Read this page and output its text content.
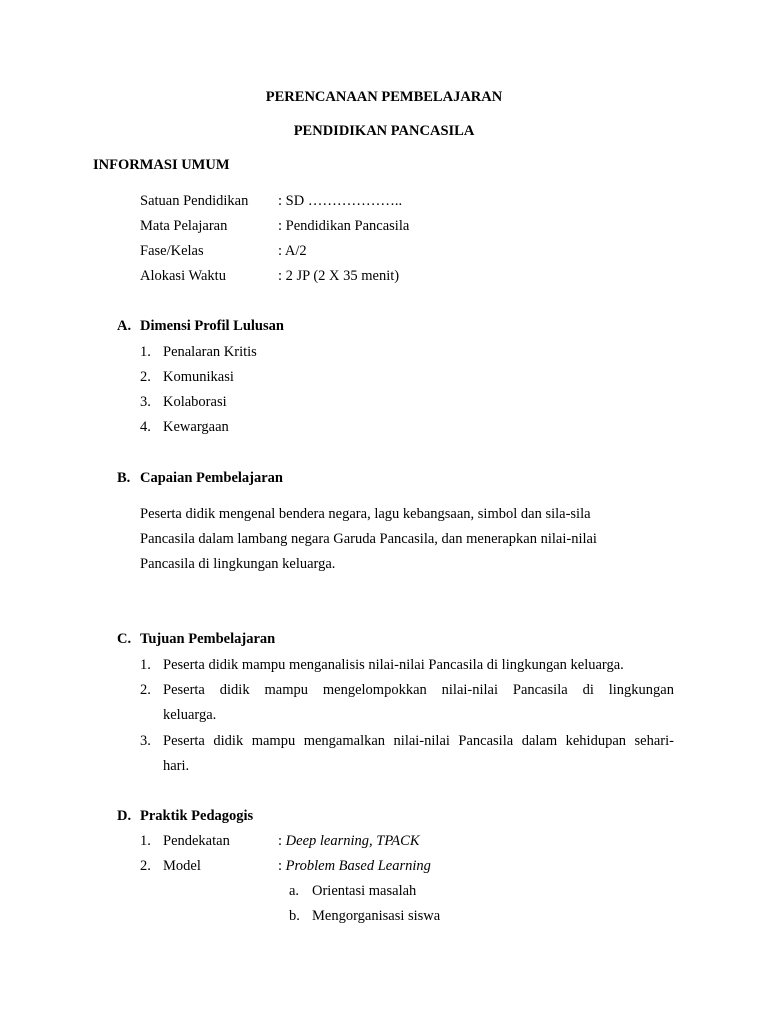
PERENCANAAN PEMBELAJARAN
PENDIDIKAN PANCASILA
INFORMASI UMUM
Satuan Pendidikan : SD ………………..
Mata Pelajaran	: Pendidikan Pancasila
Fase/Kelas	: A/2
Alokasi Waktu	: 2 JP (2 X 35 menit)
A. Dimensi Profil Lulusan
1. Penalaran Kritis
2. Komunikasi
3. Kolaborasi
4. Kewargaan
B. Capaian Pembelajaran
Peserta didik mengenal bendera negara, lagu kebangsaan, simbol dan sila-sila
Pancasila dalam lambang negara Garuda Pancasila, dan menerapkan nilai-nilai
Pancasila di lingkungan keluarga.
C. Tujuan Pembelajaran
1. Peserta didik mampu menganalisis nilai-nilai Pancasila di lingkungan keluarga.
2. Peserta didik mampu mengelompokkan nilai-nilai Pancasila di lingkungan
keluarga.
3. Peserta didik mampu mengamalkan nilai-nilai Pancasila dalam kehidupan sehari-
hari.
D. Praktik Pedagogis
1. Pendekatan	: Deep learning, TPACK
2. Model	: Problem Based Learning
a. Orientasi masalah
b. Mengorganisasi siswa
